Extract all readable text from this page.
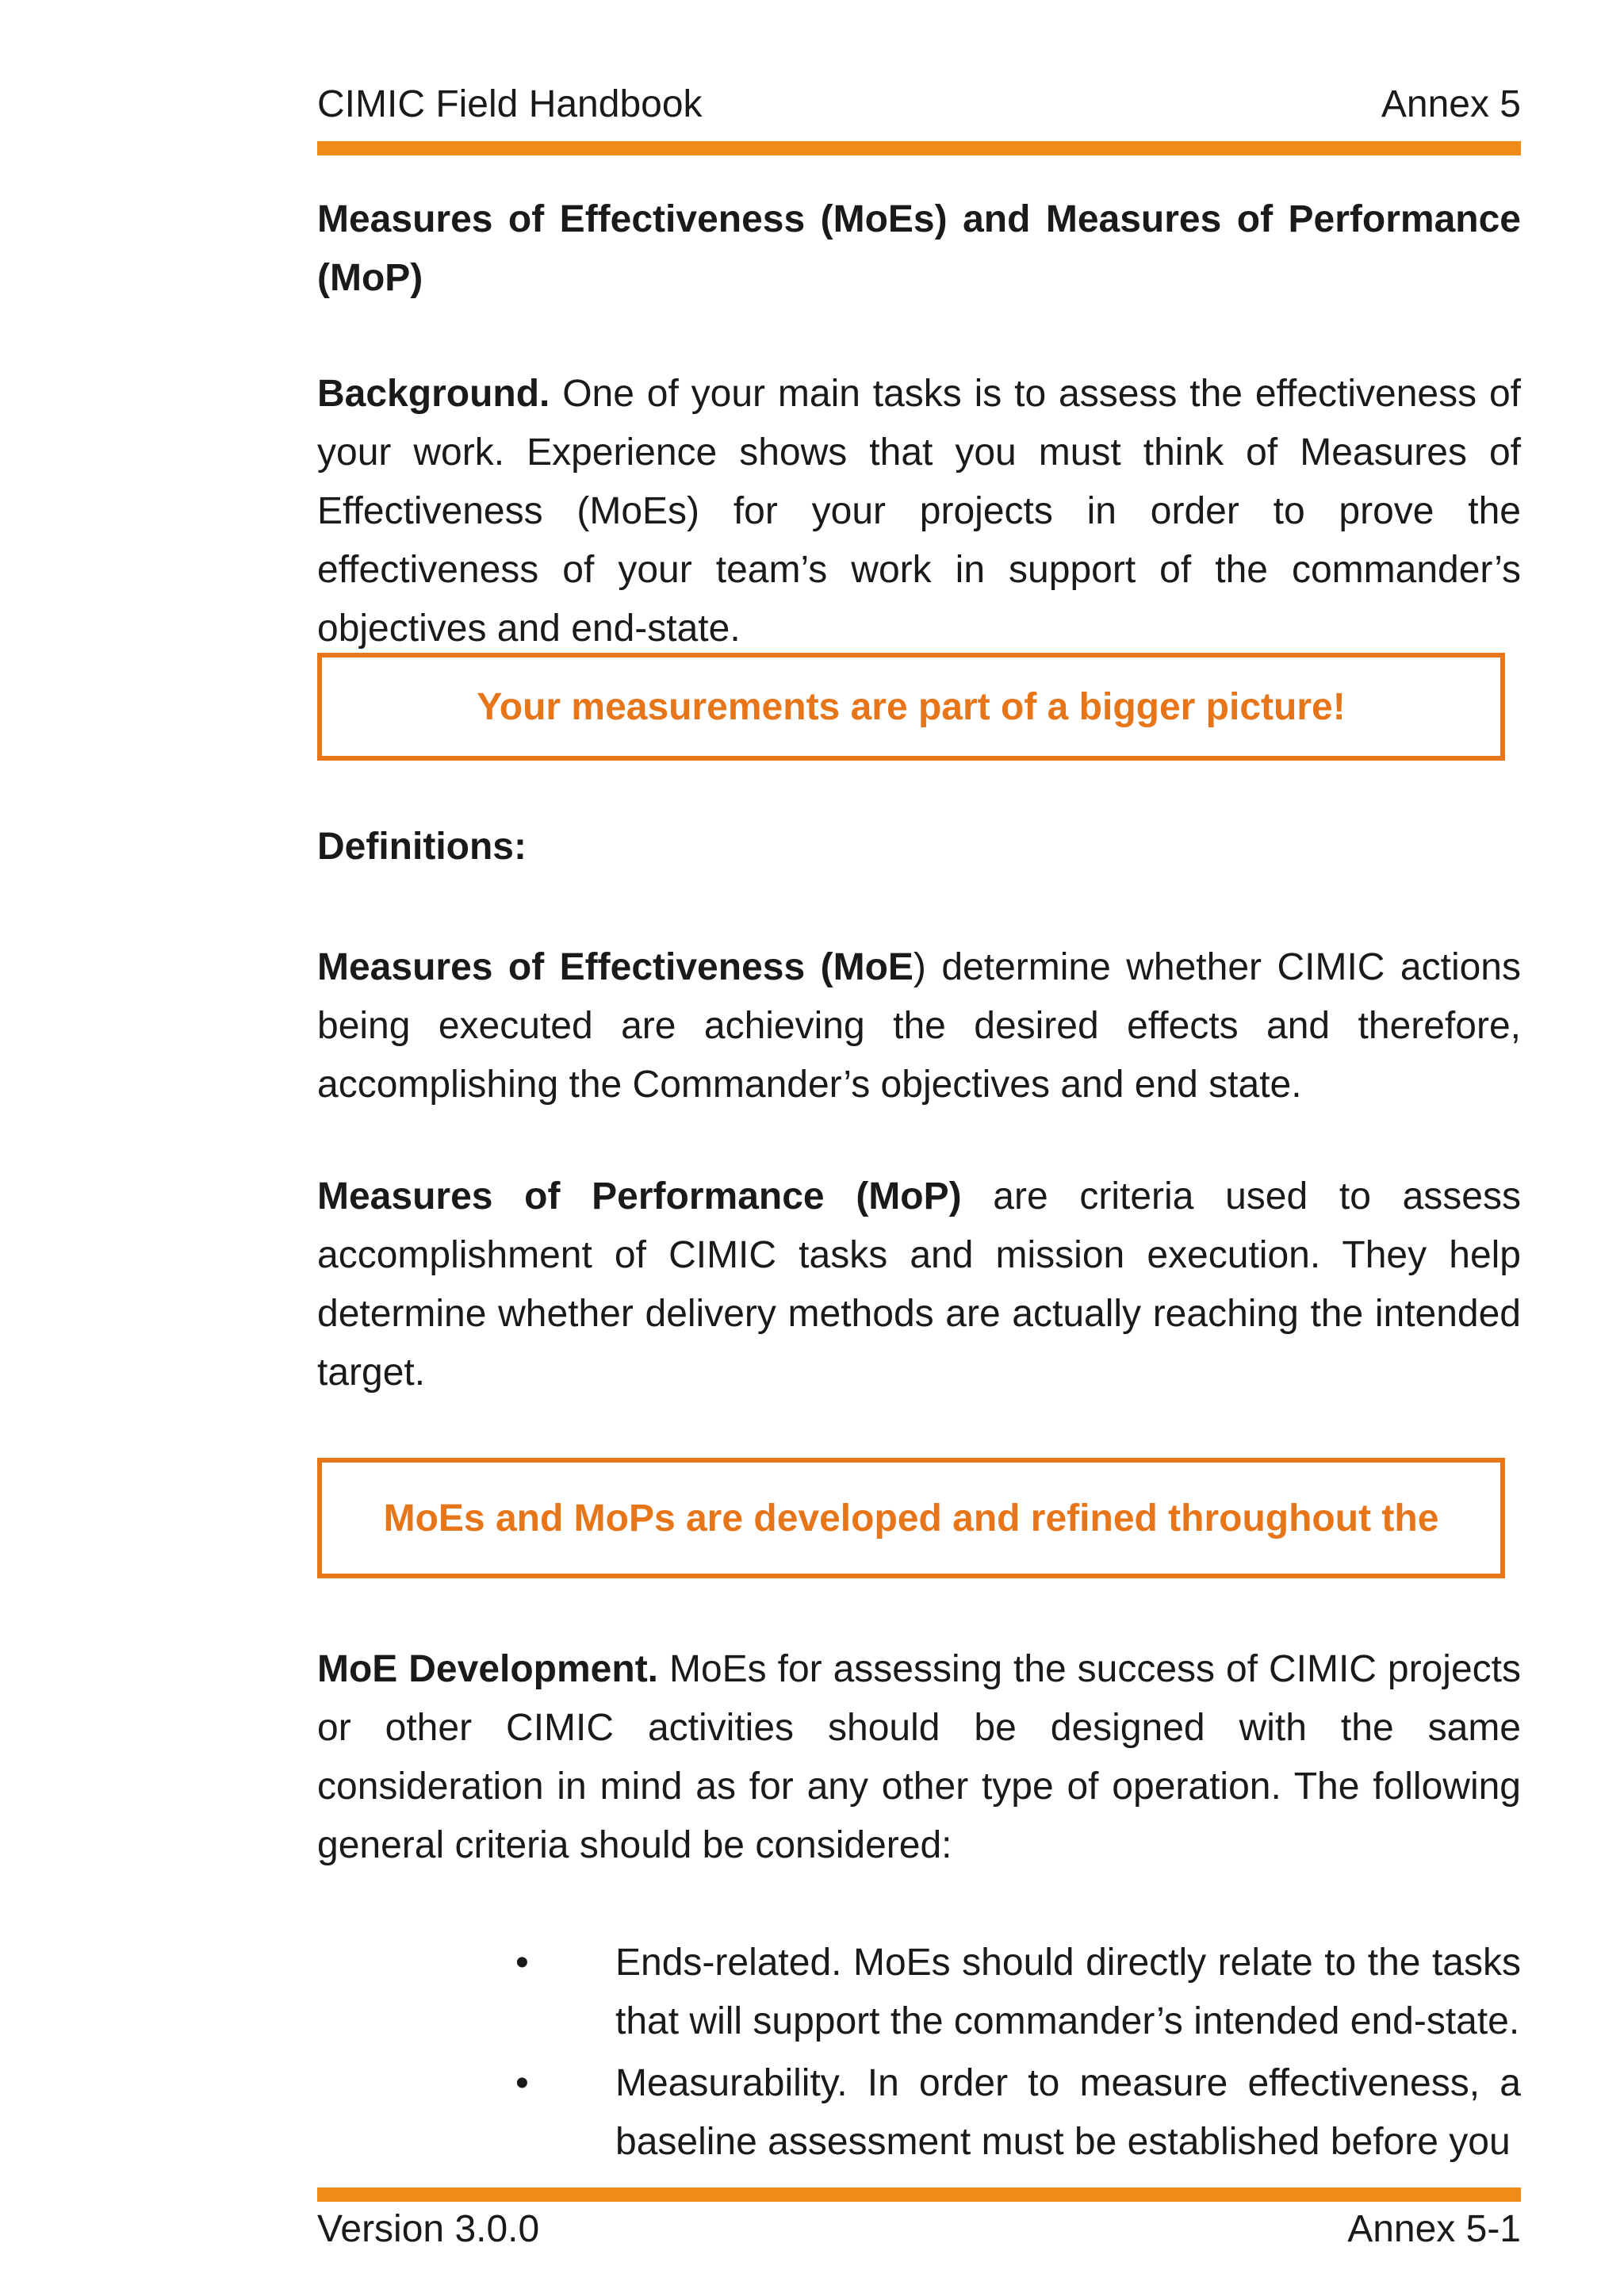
CIMIC Field Handbook	Annex 5
Measures of Effectiveness (MoEs) and Measures of Performance (MoP)
Background. One of your main tasks is to assess the effectiveness of your work. Experience shows that you must think of Measures of Effectiveness (MoEs) for your projects in order to prove the effectiveness of your team’s work in support of the commander’s objectives and end-state.
Your measurements are part of a bigger picture!
Definitions:
Measures of Effectiveness (MoE) determine whether CIMIC actions being executed are achieving the desired effects and therefore, accomplishing the Commander’s objectives and end state.
Measures of Performance (MoP) are criteria used to assess accomplishment of CIMIC tasks and mission execution. They help determine whether delivery methods are actually reaching the intended target.
MoEs and MoPs are developed and refined throughout the
MoE Development. MoEs for assessing the success of CIMIC projects or other CIMIC activities should be designed with the same consideration in mind as for any other type of operation. The following general criteria should be considered:
• Ends-related. MoEs should directly relate to the tasks that will support the commander’s intended end-state.
• Measurability. In order to measure effectiveness, a baseline assessment must be established before you
Version 3.0.0	Annex 5-1
